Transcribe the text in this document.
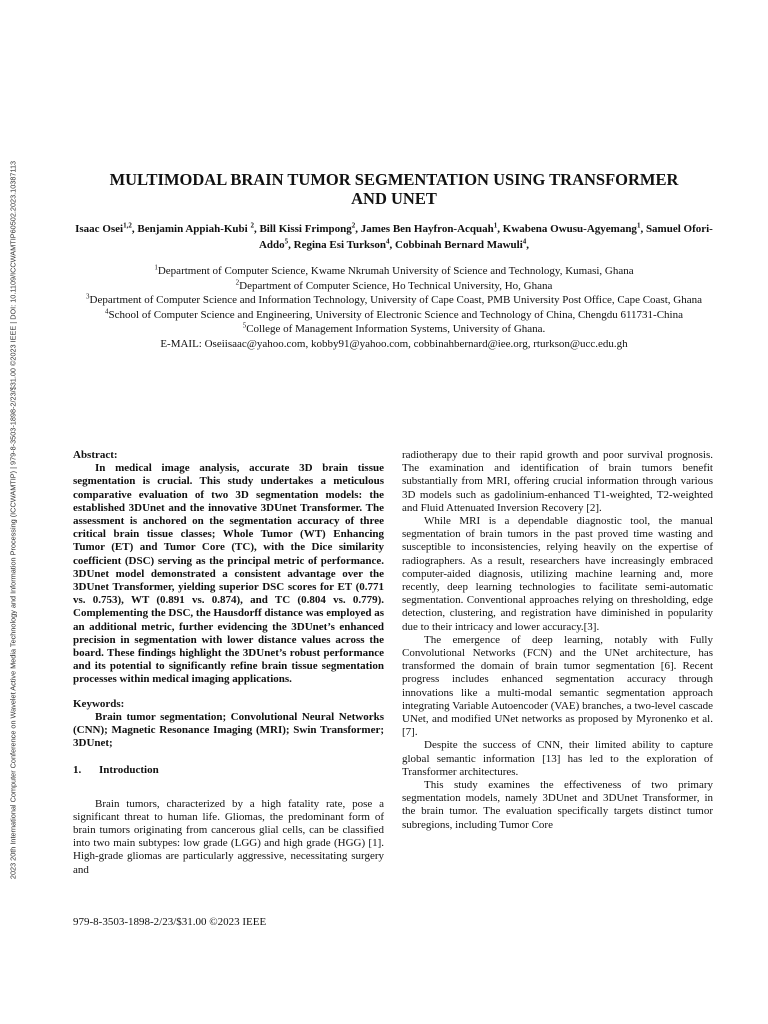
2023 20th International Computer Conference on Wavelet Active Media Technology and Information Processing (ICCWAMTIP) | 979-8-3503-1898-2/23/$31.00 ©2023 IEEE | DOI: 10.1109/ICCWAMTIP60502.2023.10387113	MULTIMODAL BRAIN TUMOR SEGMENTATION USING TRANSFORMER
AND UNET
Isaac Osei$^{1,2}$, Benjamin Appiah-Kubi $^2$, Bill Kissi Frimpong$^2$, James Ben Hayfron-Acquah$^1$, Kwabena Owusu-Agyemang$^1$, Samuel Ofori-Addo$^5$, Regina Esi Turkson$^4$, Cobbinah Bernard Mawuli$^4$,
$^1$Department of Computer Science, Kwame Nkrumah University of Science and Technology, Kumasi, Ghana
$^2$Department of Computer Science, Ho Technical University, Ho, Ghana
$^3$Department of Computer Science and Information Technology, University of Cape Coast, PMB University Post Office, Cape Coast, Ghana
$^4$School of Computer Science and Engineering, University of Electronic Science and Technology of China, Chengdu 611731-China
$^5$College of Management Information Systems, University of Ghana.
E-MAIL: Oseiisaac@yahoo.com, kobby91@yahoo.com, cobbinahbernard@iee.org, rturkson@ucc.edu.gh

Abstract:

In medical image analysis, accurate 3D brain tissue segmentation is crucial. This study undertakes a meticulous comparative evaluation of two 3D segmentation models: the established 3DUnet and the innovative 3DUnet Transformer. The assessment is anchored on the segmentation accuracy of three critical brain tissue classes; Whole Tumor (WT) Enhancing Tumor (ET) and Tumor Core (TC), with the Dice similarity coefficient (DSC) serving as the principal metric of performance. 3DUnet model demonstrated a consistent advantage over the 3DUnet Transformer, yielding superior DSC scores for ET (0.771 vs. 0.753), WT (0.891 vs. 0.874), and TC (0.804 vs. 0.779). Complementing the DSC, the Hausdorff distance was employed as an additional metric, further evidencing the 3DUnet’s enhanced precision in segmentation with lower distance values across the board. These findings highlight the 3DUnet’s robust performance and its potential to significantly refine brain tissue segmentation processes within medical imaging applications.

Keywords:

Brain tumor segmentation; Convolutional Neural Networks (CNN); Magnetic Resonance Imaging (MRI); Swin Transformer; 3DUnet;

1. Introduction

Brain tumors, characterized by a high fatality rate, pose a significant threat to human life. Gliomas, the predominant form of brain tumors originating from cancerous glial cells, can be classified into two main subtypes: low grade (LGG) and high grade (HGG) [1]. High-grade gliomas are particularly aggressive, necessitating surgery and

radiotherapy due to their rapid growth and poor survival prognosis. The examination and identification of brain tumors benefit substantially from MRI, offering crucial information through various 3D models such as gadolinium-enhanced T1-weighted, T2-weighted and Fluid Attenuated Inversion Recovery [2].

While MRI is a dependable diagnostic tool, the manual segmentation of brain tumors in the past proved time wasting and susceptible to inconsistencies, relying heavily on the expertise of radiographers. As a result, researchers have increasingly embraced computer-aided diagnosis, utilizing machine learning and, more recently, deep learning technologies to facilitate semi-automatic segmentation. Conventional approaches relying on thresholding, edge detection, clustering, and registration have diminished in popularity due to their intricacy and lower accuracy.[3].

The emergence of deep learning, notably with Fully Convolutional Networks (FCN) and the UNet architecture, has transformed the domain of brain tumor segmentation [6]. Recent progress includes enhanced segmentation accuracy through innovations like a multi-modal semantic segmentation approach integrating Variable Autoencoder (VAE) branches, a two-level cascade UNet, and modified UNet networks as proposed by Myronenko et al. [7].

Despite the success of CNN, their limited ability to capture global semantic information [13] has led to the exploration of Transformer architectures.

This study examines the effectiveness of two primary segmentation models, namely 3DUnet and 3DUnet Transformer, in the brain tumor. The evaluation specifically targets distinct tumor subregions, including Tumor Core

979-8-3503-1898-2/23/$31.00 ©2023 IEEE
